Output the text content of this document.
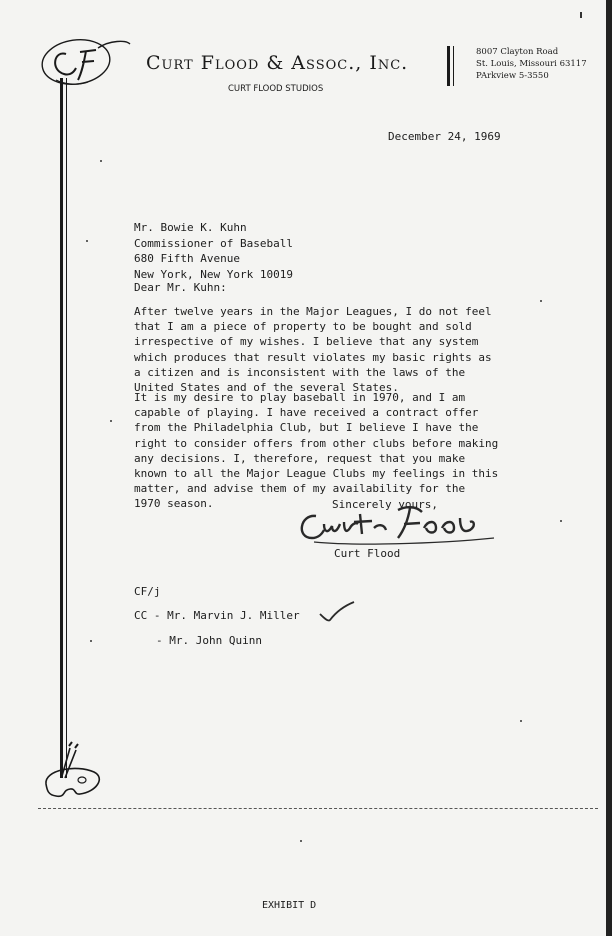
Curt Flood & Assoc., Inc.
CURT FLOOD STUDIOS
8007 Clayton Road
St. Louis, Missouri 63117
PArkview 5-3550
December 24, 1969
Mr. Bowie K. Kuhn
Commissioner of Baseball
680 Fifth Avenue
New York, New York 10019
Dear Mr. Kuhn:
After twelve years in the Major Leagues, I do not feel
that I am a piece of property to be bought and sold
irrespective of my wishes. I believe that any system
which produces that result violates my basic rights as
a citizen and is inconsistent with the laws of the
United States and of the several States.
It is my desire to play baseball in 1970, and I am
capable of playing. I have received a contract offer
from the Philadelphia Club, but I believe I have the
right to consider offers from other clubs before making
any decisions. I, therefore, request that you make
known to all the Major League Clubs my feelings in this
matter, and advise them of my availability for the
1970 season.	Sincerely yours,
Curt Flood
CF/j
CC - Mr. Marvin J. Miller
- Mr. John Quinn
EXHIBIT D
